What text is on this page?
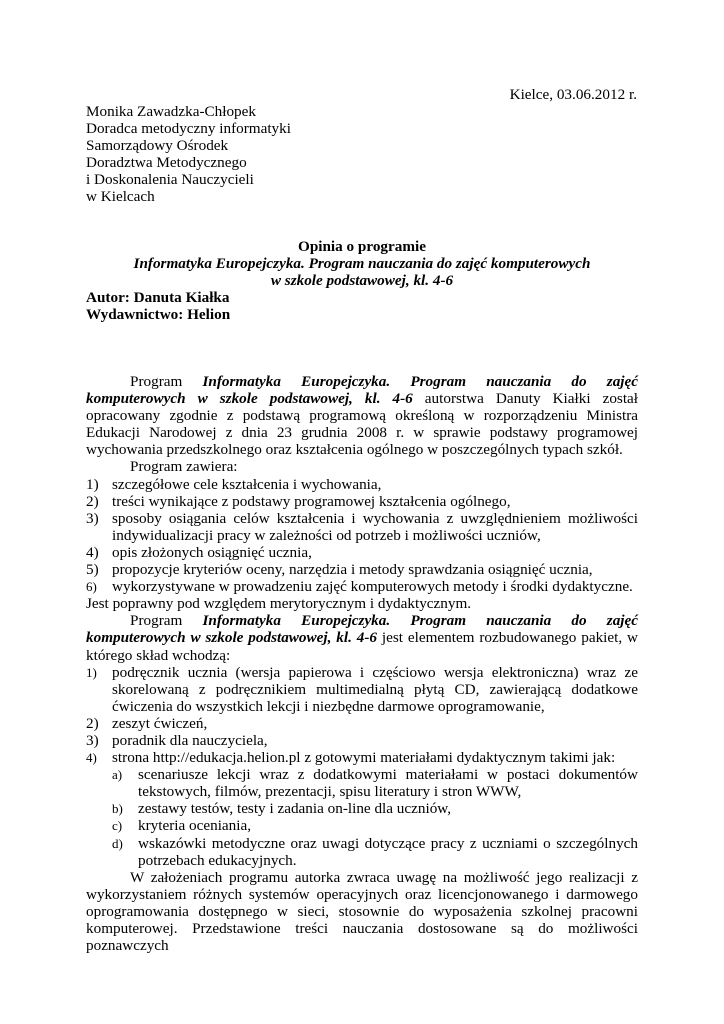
Kielce, 03.06.2012 r.
Monika Zawadzka-Chłopek
Doradca metodyczny informatyki
Samorządowy Ośrodek
Doradztwa Metodycznego
i Doskonalenia Nauczycieli
w Kielcach
Opinia o programie
Informatyka Europejczyka. Program nauczania do zajęć komputerowych
w szkole podstawowej, kl. 4-6
Autor: Danuta Kiałka
Wydawnictwo: Helion

Program Informatyka Europejczyka. Program nauczania do zajęć komputerowych w szkole podstawowej, kl. 4-6 autorstwa Danuty Kiałki został opracowany zgodnie z podstawą programową określoną w rozporządzeniu Ministra Edukacji Narodowej z dnia 23 grudnia 2008 r. w sprawie podstawy programowej wychowania przedszkolnego oraz kształcenia ogólnego w poszczególnych typach szkół.

Program zawiera:

1) szczegółowe cele kształcenia i wychowania,
2) treści wynikające z podstawy programowej kształcenia ogólnego,
3) sposoby osiągania celów kształcenia i wychowania z uwzględnieniem możliwości indywidualizacji pracy w zależności od potrzeb i możliwości uczniów,
4) opis złożonych osiągnięć ucznia,
5) propozycje kryteriów oceny, narzędzia i metody sprawdzania osiągnięć ucznia,
6) wykorzystywane w prowadzeniu zajęć komputerowych metody i środki dydaktyczne.

Jest poprawny pod względem merytorycznym i dydaktycznym.

Program Informatyka Europejczyka. Program nauczania do zajęć komputerowych w szkole podstawowej, kl. 4-6 jest elementem rozbudowanego pakiet, w którego skład wchodzą:

1) podręcznik ucznia (wersja papierowa i częściowo wersja elektroniczna) wraz ze skorelowaną z podręcznikiem multimedialną płytą CD, zawierającą dodatkowe ćwiczenia do wszystkich lekcji i niezbędne darmowe oprogramowanie,
2) zeszyt ćwiczeń,
3) poradnik dla nauczyciela,
4) strona http://edukacja.helion.pl z gotowymi materiałami dydaktycznym takimi jak:
a)	scenariusze lekcji wraz z dodatkowymi materiałami w postaci dokumentów tekstowych, filmów, prezentacji, spisu literatury i stron WWW,
b) zestawy testów, testy i zadania on-line dla uczniów,
c)	kryteria oceniania,
d) wskazówki metodyczne oraz uwagi dotyczące pracy z uczniami o szczególnych potrzebach edukacyjnych.

W założeniach programu autorka zwraca uwagę na możliwość jego realizacji z wykorzystaniem różnych systemów operacyjnych oraz licencjonowanego i darmowego oprogramowania dostępnego w sieci, stosownie do wyposażenia szkolnej pracowni komputerowej. Przedstawione treści nauczania dostosowane są do możliwości poznawczych
